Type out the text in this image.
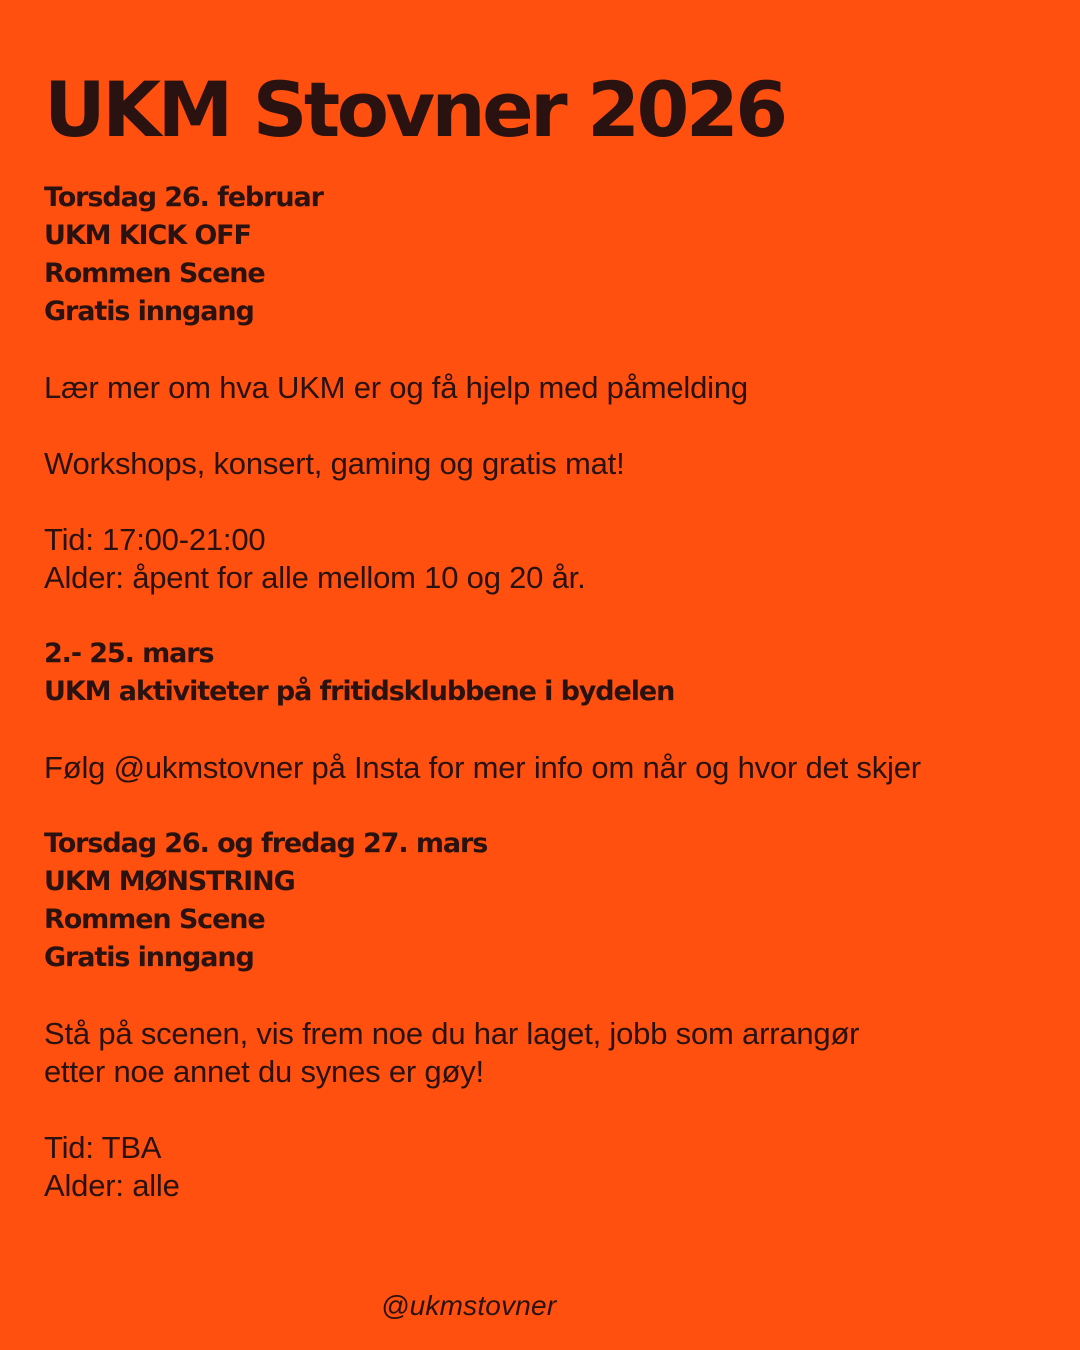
UKM Stovner 2026
Torsdag 26. februar
UKM KICK OFF
Rommen Scene
Gratis inngang
Lær mer om hva UKM er og få hjelp med påmelding
Workshops, konsert, gaming og gratis mat!
Tid: 17:00-21:00
Alder: åpent for alle mellom 10 og 20 år.
2.- 25. mars
UKM aktiviteter på fritidsklubbene i bydelen
Følg @ukmstovner på Insta for mer info om når og hvor det skjer
Torsdag 26. og fredag 27. mars
UKM MØNSTRING
Rommen Scene
Gratis inngang
Stå på scenen, vis frem noe du har laget, jobb som arrangør
etter noe annet du synes er gøy!
Tid: TBA
Alder: alle

@ukmstovner
